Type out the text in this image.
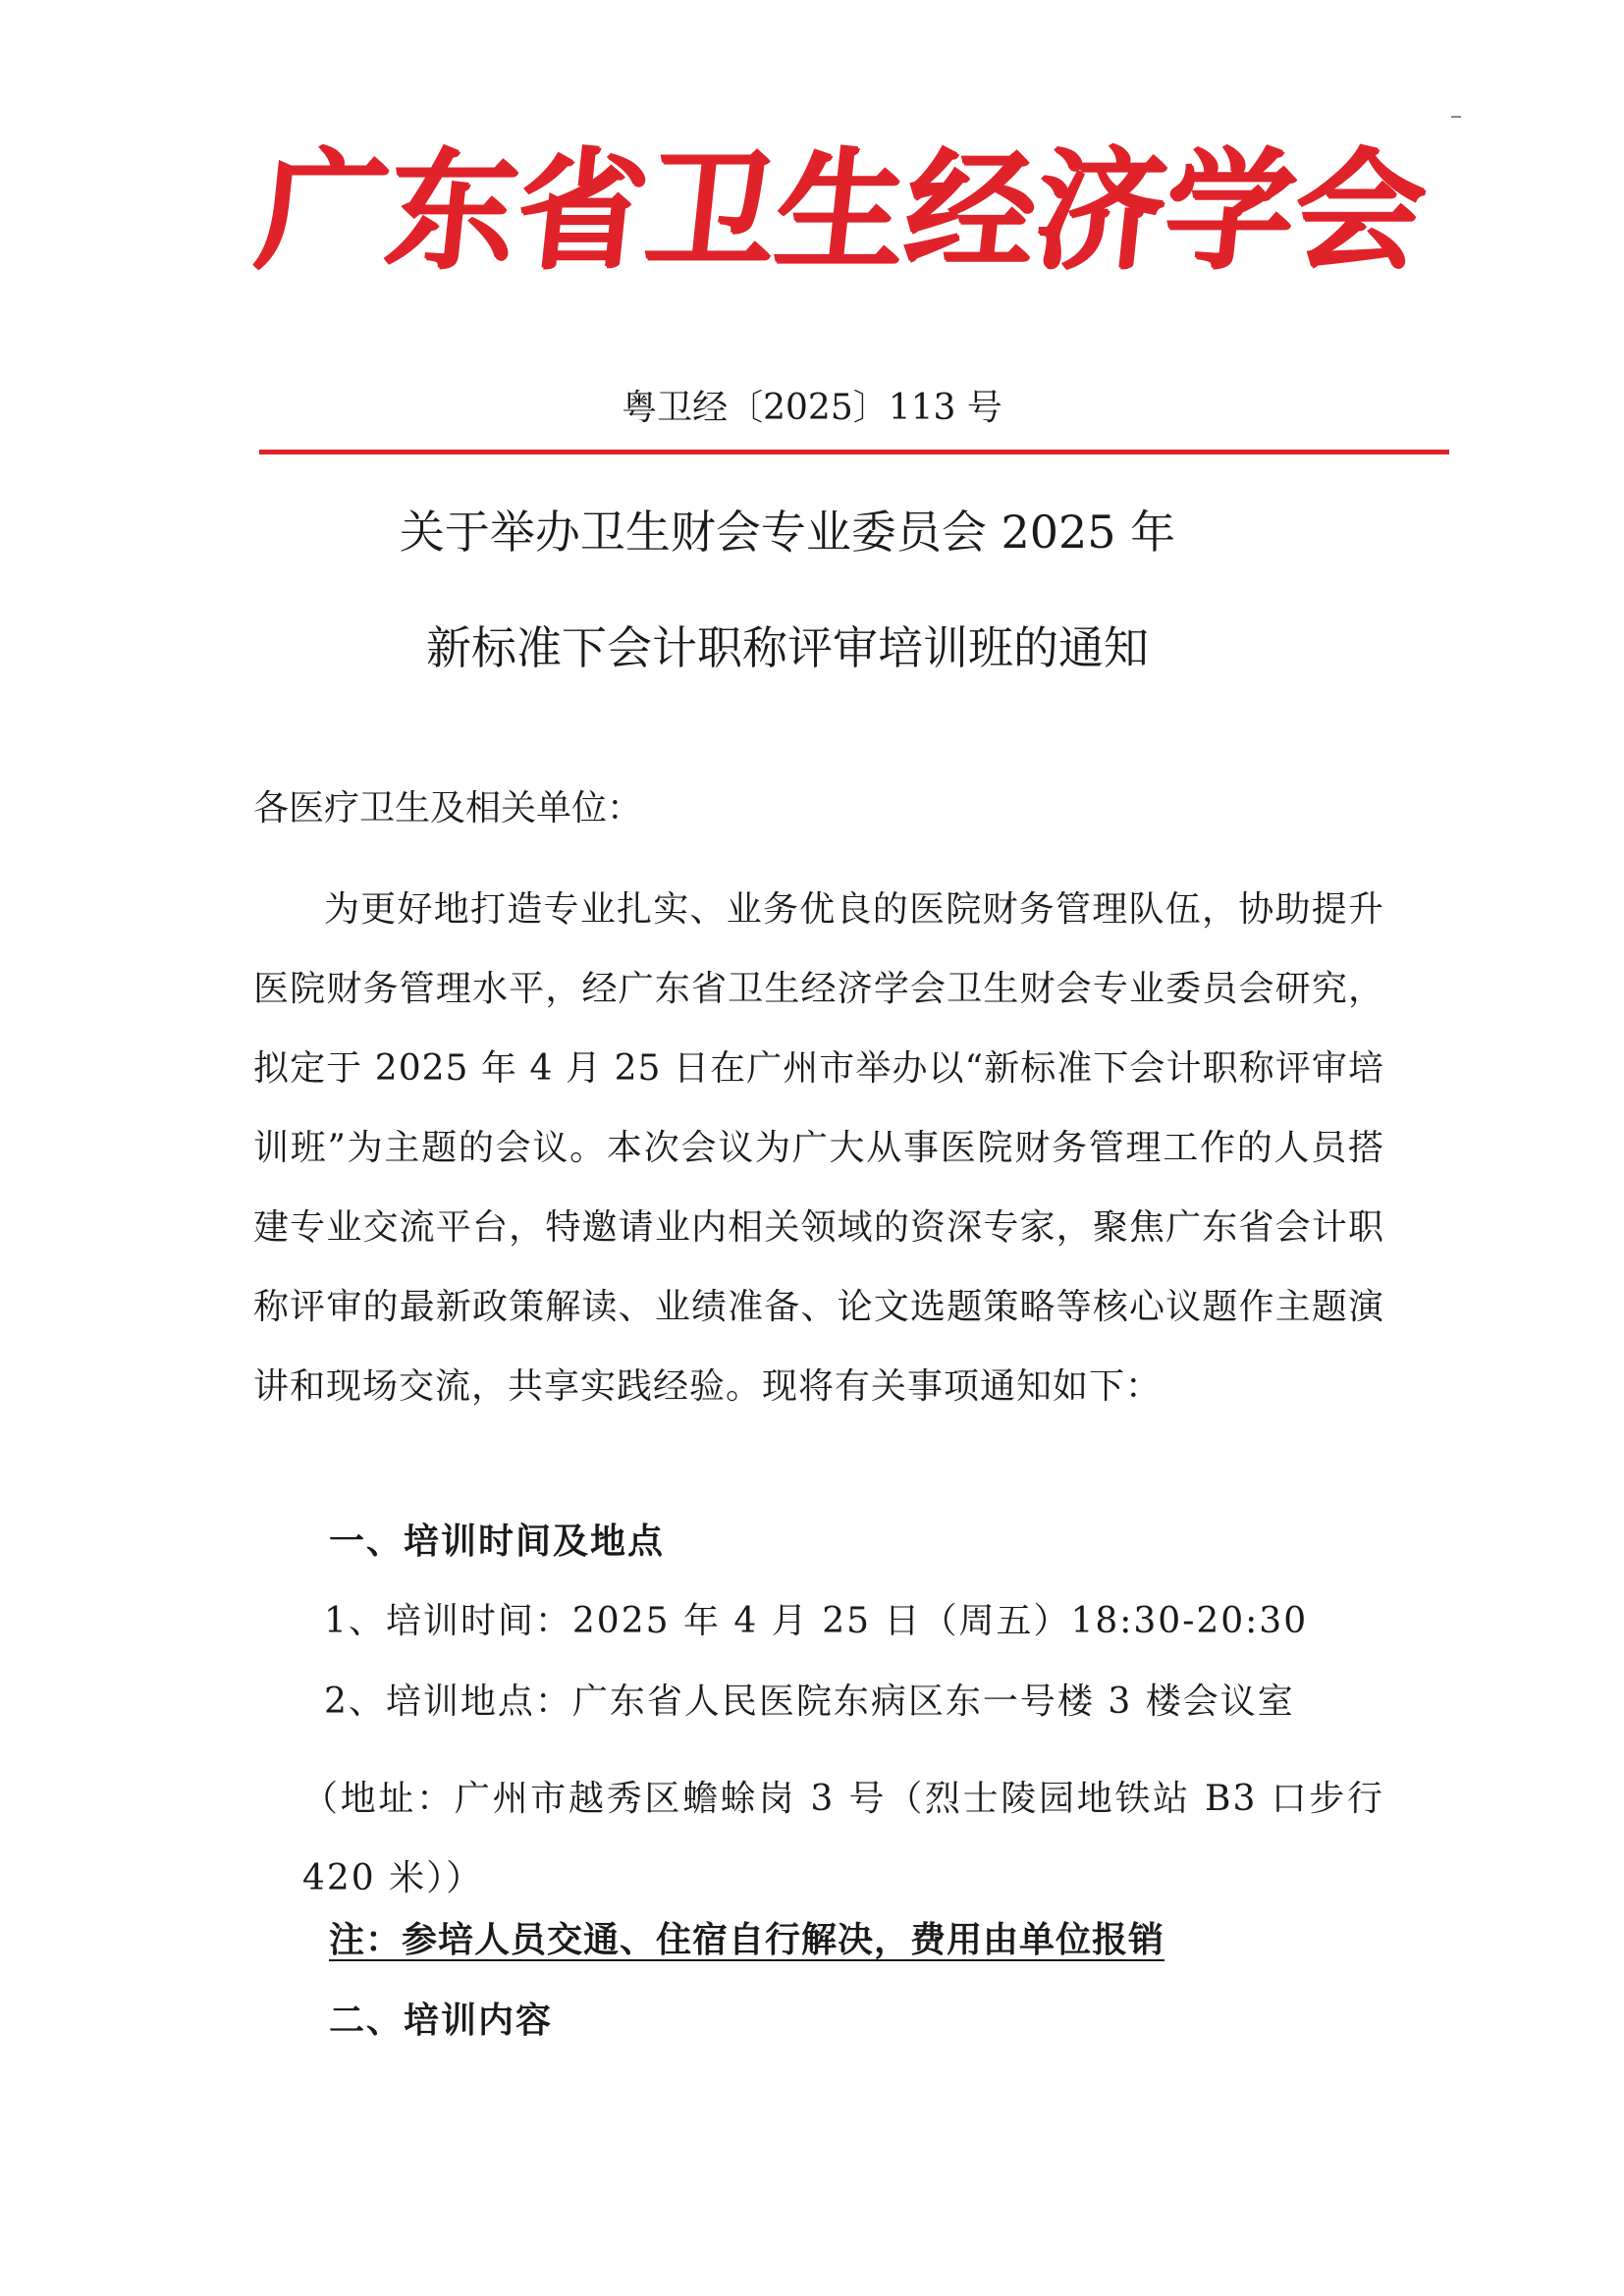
广
东
省
卫
生
经
济
学
会
粤卫经〔2025〕113 号
关于举办卫生财会专业委员会 2025 年
新标准下会计职称评审培训班的通知
各医疗卫生及相关单位：
为更好地打造专业扎实、业务优良的医院财务管理队伍，协助提升医院财务管理水平，经广东省卫生经济学会卫生财会专业委员会研究，拟定于 2025 年 4 月 25 日在广州市举办以“新标准下会计职称评审培训班”为主题的会议。本次会议为广大从事医院财务管理工作的人员搭建专业交流平台，特邀请业内相关领域的资深专家，聚焦广东省会计职称评审的最新政策解读、业绩准备、论文选题策略等核心议题作主题演讲和现场交流，共享实践经验。现将有关事项通知如下：
一、培训时间及地点
1、培训时间：2025 年 4 月 25 日（周五）18:30-20:30
2、培训地点：广东省人民医院东病区东一号楼 3 楼会议室
（地址：广州市越秀区蟾蜍岗 3 号（烈士陵园地铁站 B3 口步行 420 米））
注：参培人员交通、住宿自行解决，费用由单位报销
二、培训内容
